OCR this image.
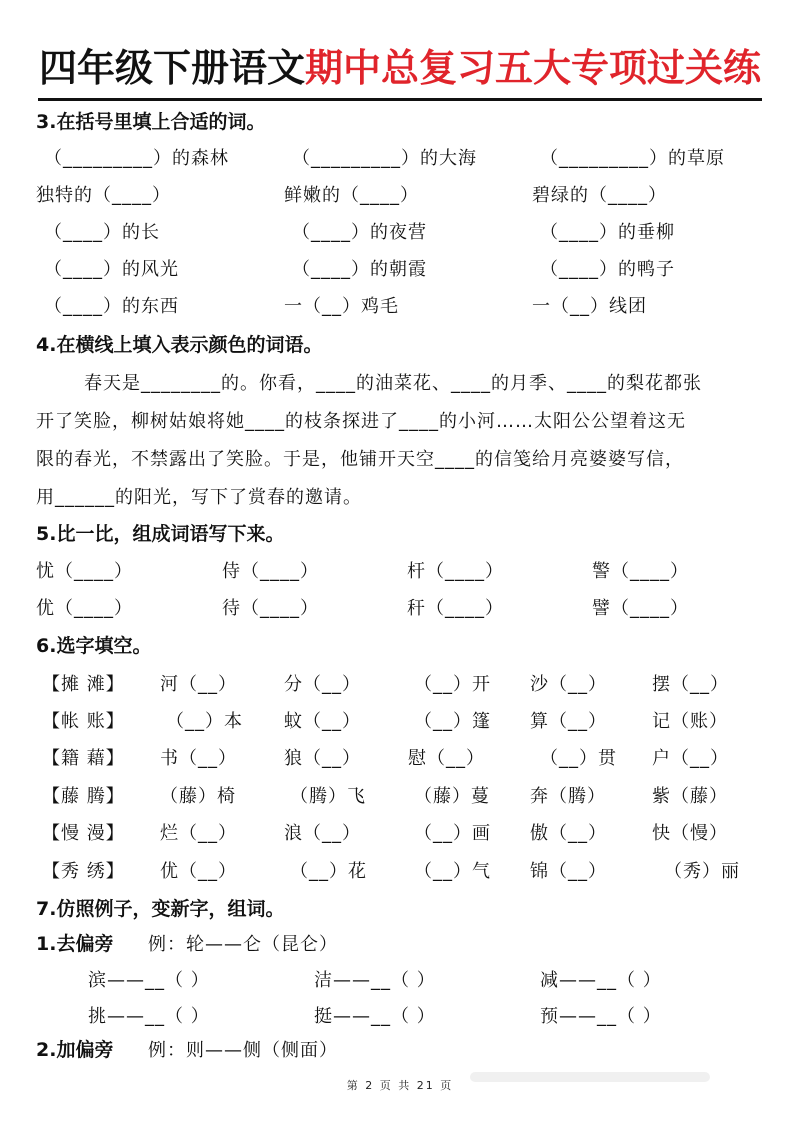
四年级下册语文期中总复习五大专项过关练
3.在括号里填上合适的词。
（_________）的森林	（_________）的大海	（_________）的草原
独特的（____）	鲜嫩的（____）	碧绿的（____）
（____）的长	（____）的夜营	（____）的垂柳
（____）的风光	（____）的朝霞	（____）的鸭子
（____）的东西	一（__）鸡毛	一（__）线团
4.在横线上填入表示颜色的词语。
春天是________的。你看，____的油菜花、____的月季、____的梨花都张
开了笑脸，柳树姑娘将她____的枝条探进了____的小河……太阳公公望着这无
限的春光，不禁露出了笑脸。于是，他铺开天空____的信笺给月亮婆婆写信，
用______的阳光，写下了赏春的邀请。
5.比一比，组成词语写下来。
忧（____）	侍（____）	杆（____）	警（____）
优（____）	待（____）	秆（____）	譬（____）
6.选字填空。
【摊 滩】 河（__）	分（__）	（__）开 沙（__）	摆（__）
【帐 账】 （__）本 蚊（__）	（__）篷 算（__）	记（账）
【籍 藉】 书（__）	狼（__）	慰（__）	（__）贯 户（__）
【藤 腾】 （藤）椅	（腾）飞	（藤）蔓 奔（腾）	紫（藤）
【慢 漫】 烂（__）	浪（__）	（__）画 傲（__）	快（慢）
【秀 绣】 优（__）	（__）花	（__）气 锦（__）	（秀）丽
7.仿照例子，变新字，组词。
1.去偏旁 例：轮——仑（昆仑）
滨——__（ ）	洁——__（ ）	减——__（ ）
挑——__（ ）	挺——__（ ）	预——__（ ）
2.加偏旁 例：则——侧（侧面）
第 2 页 共 21 页
